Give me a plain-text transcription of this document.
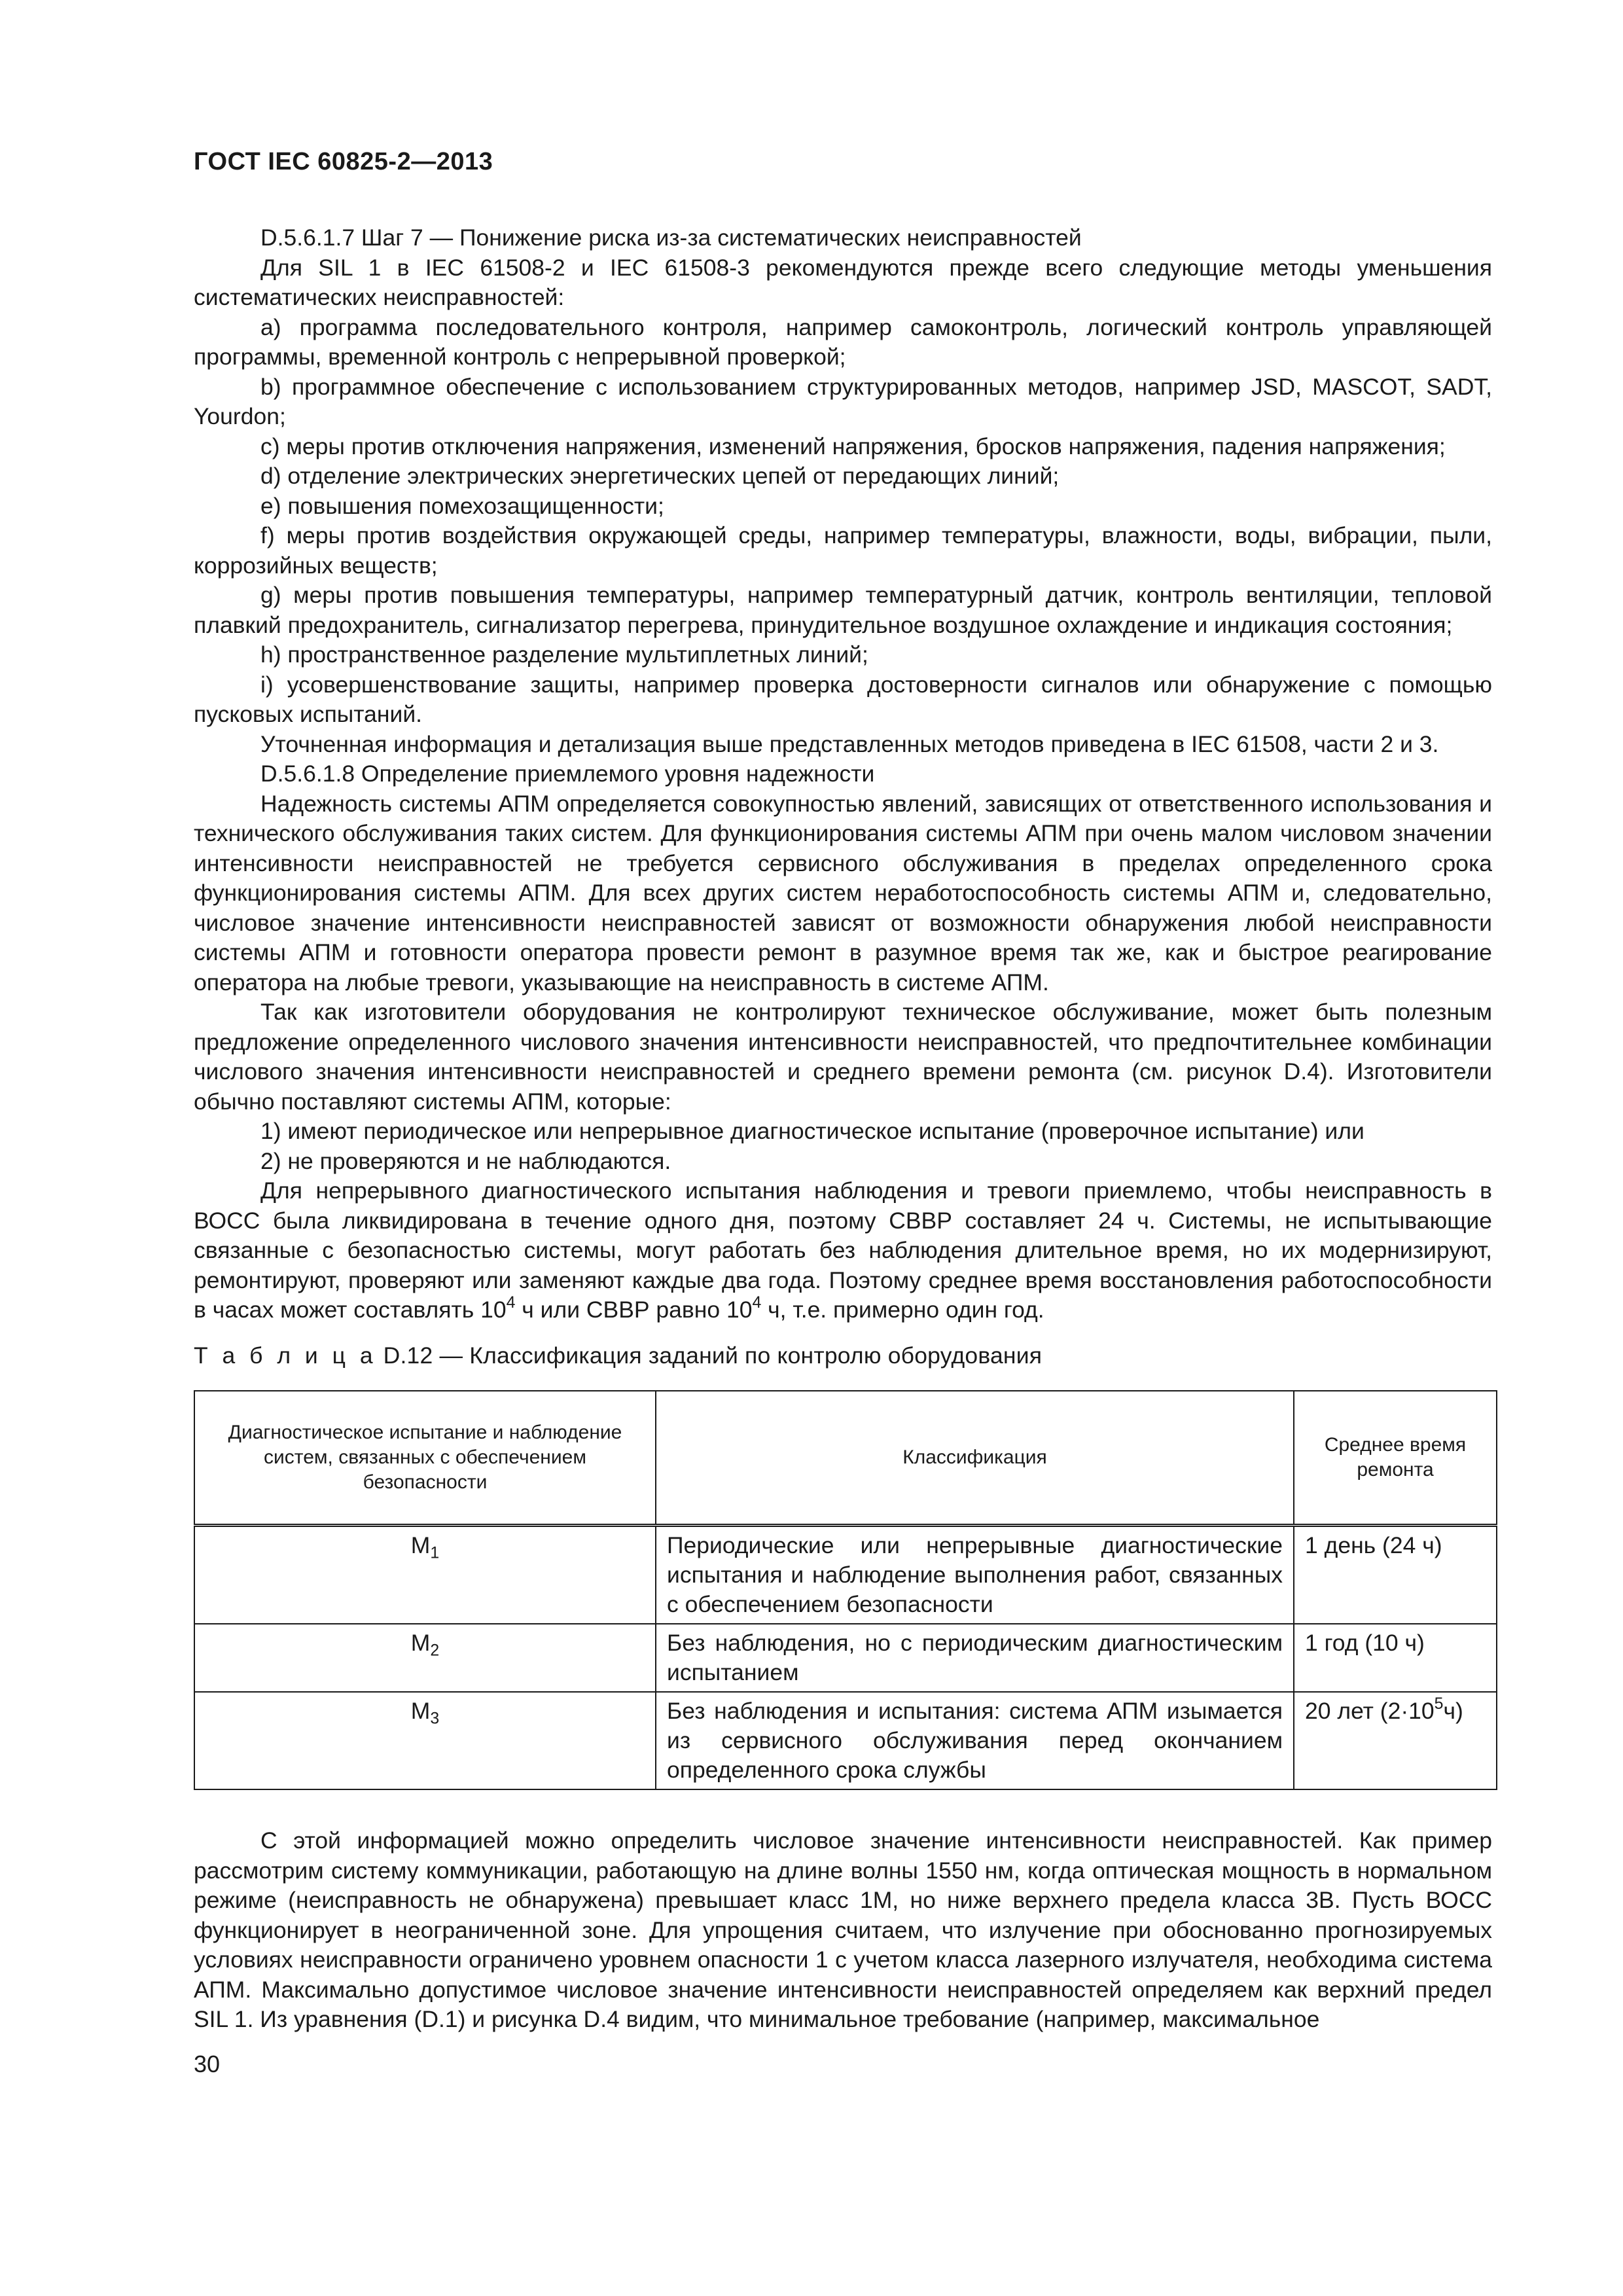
ГОСТ IEC 60825-2—2013

D.5.6.1.7 Шаг 7 — Понижение риска из-за систематических неисправностей

Для SIL 1 в IEC 61508-2 и IEC 61508-3 рекомендуются прежде всего следующие методы уменьшения систематических неисправностей:

a) программа последовательного контроля, например самоконтроль, логический контроль управляющей программы, временной контроль с непрерывной проверкой;

b) программное обеспечение с использованием структурированных методов, например JSD, MASCOT, SADT, Yourdon;

c) меры против отключения напряжения, изменений напряжения, бросков напряжения, падения напряжения;

d) отделение электрических энергетических цепей от передающих линий;

e) повышения помехозащищенности;

f) меры против воздействия окружающей среды, например температуры, влажности, воды, вибрации, пыли, коррозийных веществ;

g) меры против повышения температуры, например температурный датчик, контроль вентиляции, тепловой плавкий предохранитель, сигнализатор перегрева, принудительное воздушное охлаждение и индикация состояния;

h) пространственное разделение мультиплетных линий;

i) усовершенствование защиты, например проверка достоверности сигналов или обнаружение с помощью пусковых испытаний.

Уточненная информация и детализация выше представленных методов приведена в IEC 61508, части 2 и 3.

D.5.6.1.8 Определение приемлемого уровня надежности

Надежность системы АПМ определяется совокупностью явлений, зависящих от ответственного использования и технического обслуживания таких систем. Для функционирования системы АПМ при очень малом числовом значении интенсивности неисправностей не требуется сервисного обслуживания в пределах определенного срока функционирования системы АПМ. Для всех других систем неработоспособность системы АПМ и, следовательно, числовое значение интенсивности неисправностей зависят от возможности обнаружения любой неисправности системы АПМ и готовности оператора провести ремонт в разумное время так же, как и быстрое реагирование оператора на любые тревоги, указывающие на неисправность в системе АПМ.

Так как изготовители оборудования не контролируют техническое обслуживание, может быть полезным предложение определенного числового значения интенсивности неисправностей, что предпочтительнее комбинации числового значения интенсивности неисправностей и среднего времени ремонта (см. рисунок D.4). Изготовители обычно поставляют системы АПМ, которые:

1) имеют периодическое или непрерывное диагностическое испытание (проверочное испытание) или

2) не проверяются и не наблюдаются.

Для непрерывного диагностического испытания наблюдения и тревоги приемлемо, чтобы неисправность в ВОСС была ликвидирована в течение одного дня, поэтому СВВР составляет 24 ч. Системы, не испытывающие связанные с безопасностью системы, могут работать без наблюдения длительное время, но их модернизируют, ремонтируют, проверяют или заменяют каждые два года. Поэтому среднее время восстановления работоспособности в часах может составлять $10^4$ ч или СВВР равно $10^4$ ч, т.е. примерно один год.

Т а б л и ц а D.12 — Классификация заданий по контролю оборудования

Диагностическое испытание и наблюдение систем, связанных с обеспечением безопасности	Классификация	Среднее время ремонта
$M_1$	Периодические или непрерывные диагностические испытания и наблюдение выполнения работ, связанных с обеспечением безопасности	1 день (24 ч)
$M_2$	Без наблюдения, но с периодическим диагностическим испытанием	1 год (10 ч)
$M_3$	Без наблюдения и испытания: система АПМ изымается из сервисного обслуживания перед окончанием определенного срока службы	20 лет $(2\cdot 10^5ч)$

С этой информацией можно определить числовое значение интенсивности неисправностей. Как пример рассмотрим систему коммуникации, работающую на длине волны 1550 нм, когда оптическая мощность в нормальном режиме (неисправность не обнаружена) превышает класс 1М, но ниже верхнего предела класса 3В. Пусть ВОСС функционирует в неограниченной зоне. Для упрощения считаем, что излучение при обоснованно прогнозируемых условиях неисправности ограничено уровнем опасности 1 с учетом класса лазерного излучателя, необходима система АПМ. Максимально допустимое числовое значение интенсивности неисправностей определяем как верхний предел SIL 1. Из уравнения (D.1) и рисунка D.4 видим, что минимальное требование (например, максимальное

30
